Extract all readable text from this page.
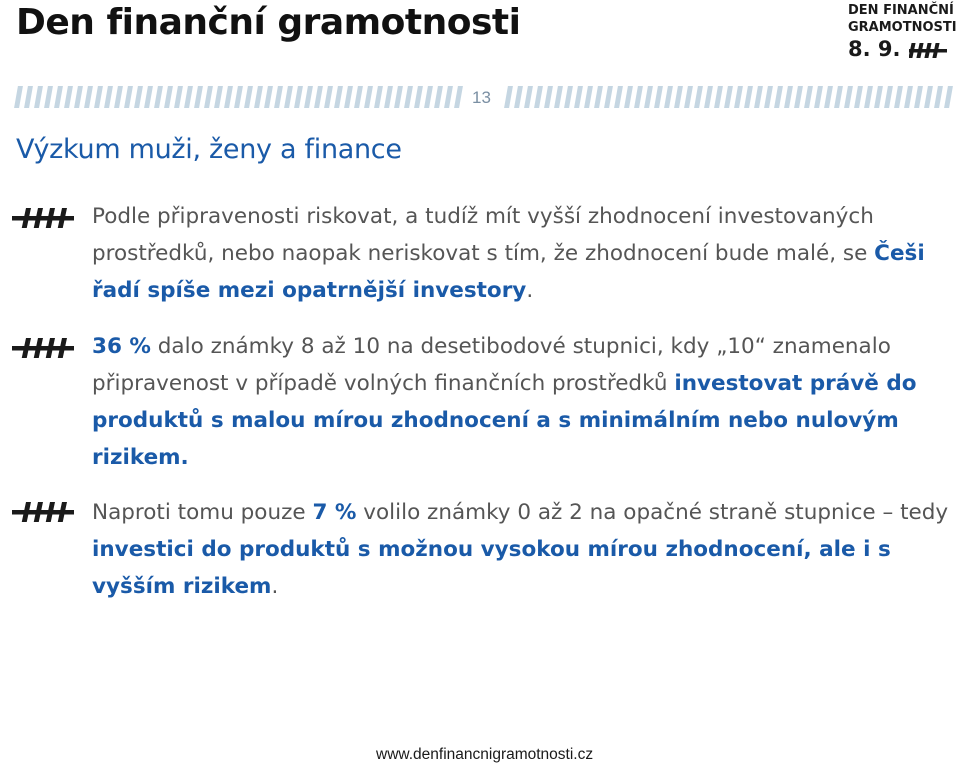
Den finanční gramotnosti	DEN FINANČNÍ
GRAMOTNOSTI
8. 9.
13
Výzkum muži, ženy a finance
Podle připravenosti riskovat, a tudíž mít vyšší zhodnocení investovaných prostředků, nebo naopak neriskovat s tím, že zhodnocení bude malé, se Češi řadí spíše mezi opatrnější investory.
36 % dalo známky 8 až 10 na desetibodové stupnici, kdy „10“ znamenalo připravenost v případě volných finančních prostředků investovat právě do produktů s malou mírou zhodnocení a s minimálním nebo nulovým rizikem.
Naproti tomu pouze 7 % volilo známky 0 až 2 na opačné straně stupnice – tedy investici do produktů s možnou vysokou mírou zhodnocení, ale i s vyšším rizikem.
www.denfinancnigramotnosti.cz
